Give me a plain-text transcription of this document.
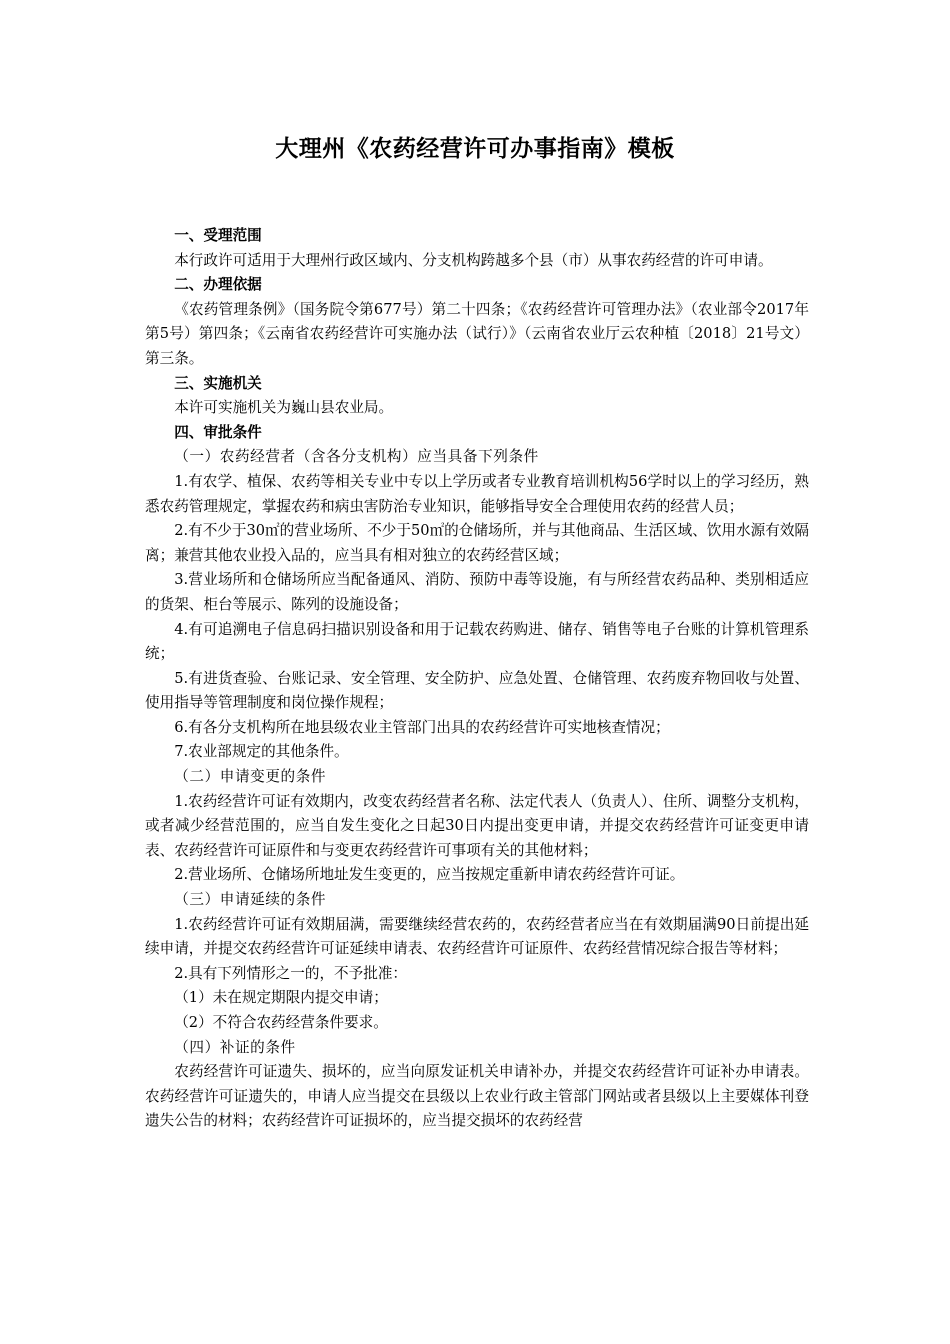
大理州《农药经营许可办事指南》模板

一、受理范围

本行政许可适用于大理州行政区域内、分支机构跨越多个县（市）从事农药经营的许可申请。

二、办理依据

《农药管理条例》（国务院令第677号）第二十四条；《农药经营许可管理办法》（农业部令2017年第5号）第四条；《云南省农药经营许可实施办法（试行）》（云南省农业厅云农种植〔2018〕21号文）第三条。

三、实施机关

本许可实施机关为巍山县农业局。

四、审批条件

（一）农药经营者（含各分支机构）应当具备下列条件

1.有农学、植保、农药等相关专业中专以上学历或者专业教育培训机构56学时以上的学习经历，熟悉农药管理规定，掌握农药和病虫害防治专业知识，能够指导安全合理使用农药的经营人员；

2.有不少于30㎡的营业场所、不少于50㎡的仓储场所，并与其他商品、生活区域、饮用水源有效隔离；兼营其他农业投入品的，应当具有相对独立的农药经营区域；

3.营业场所和仓储场所应当配备通风、消防、预防中毒等设施，有与所经营农药品种、类别相适应的货架、柜台等展示、陈列的设施设备；

4.有可追溯电子信息码扫描识别设备和用于记载农药购进、储存、销售等电子台账的计算机管理系统；

5.有进货查验、台账记录、安全管理、安全防护、应急处置、仓储管理、农药废弃物回收与处置、使用指导等管理制度和岗位操作规程；

6.有各分支机构所在地县级农业主管部门出具的农药经营许可实地核查情况；

7.农业部规定的其他条件。

（二）申请变更的条件

1.农药经营许可证有效期内，改变农药经营者名称、法定代表人（负责人）、住所、调整分支机构，或者减少经营范围的，应当自发生变化之日起30日内提出变更申请，并提交农药经营许可证变更申请表、农药经营许可证原件和与变更农药经营许可事项有关的其他材料；

2.营业场所、仓储场所地址发生变更的，应当按规定重新申请农药经营许可证。

（三）申请延续的条件

1.农药经营许可证有效期届满，需要继续经营农药的，农药经营者应当在有效期届满90日前提出延续申请，并提交农药经营许可证延续申请表、农药经营许可证原件、农药经营情况综合报告等材料；

2.具有下列情形之一的，不予批准：

（1）未在规定期限内提交申请；

（2）不符合农药经营条件要求。

（四）补证的条件

农药经营许可证遗失、损坏的，应当向原发证机关申请补办，并提交农药经营许可证补办申请表。农药经营许可证遗失的，申请人应当提交在县级以上农业行政主管部门网站或者县级以上主要媒体刊登遗失公告的材料；农药经营许可证损坏的，应当提交损坏的农药经营
